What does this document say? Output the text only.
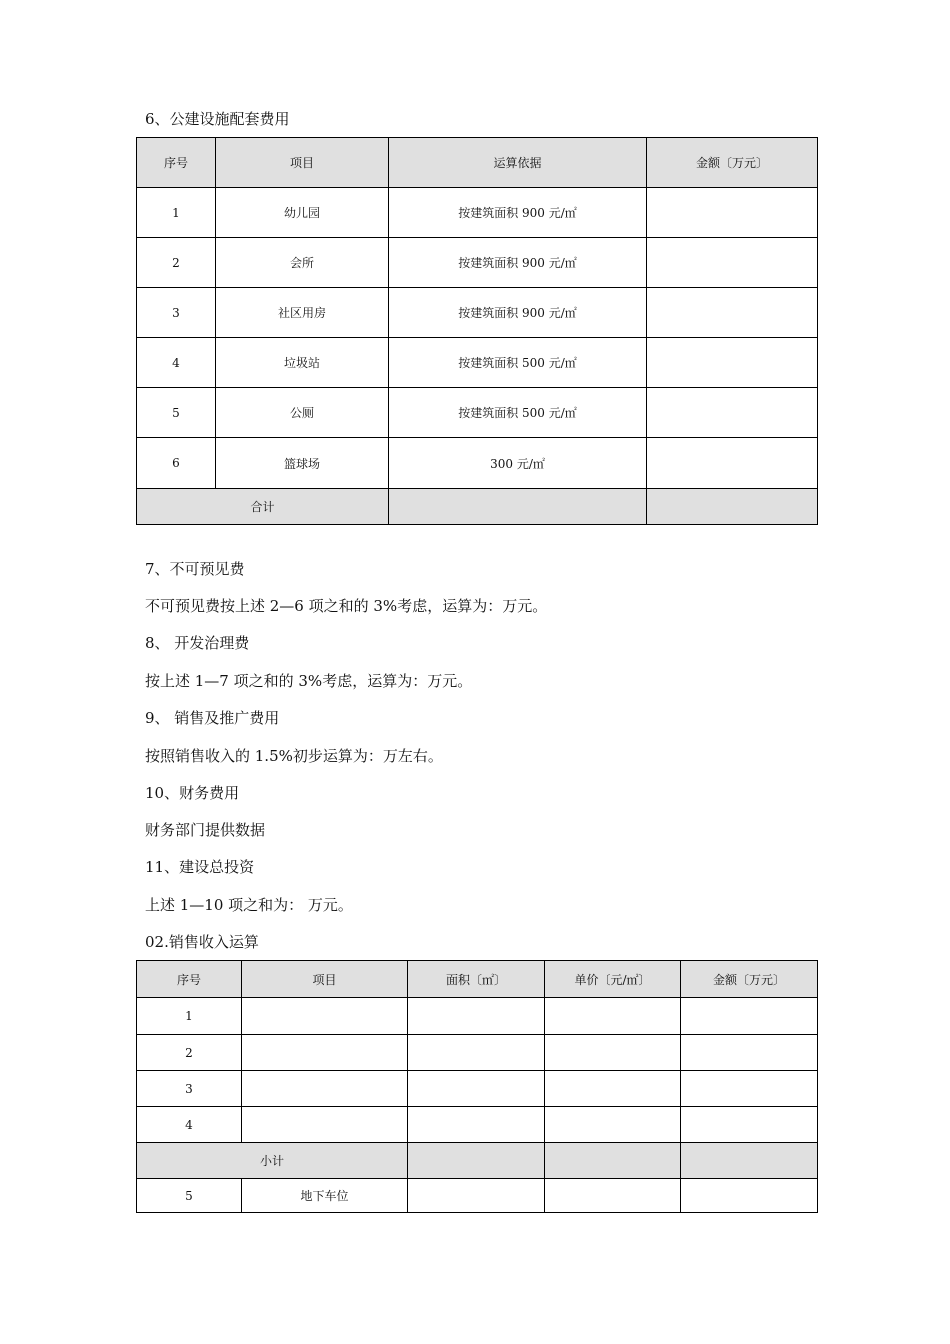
6、公建设施配套费用
序号	项目	运算依据	金额〔万元〕
1	幼儿园	按建筑面积 900 元/㎡	
2	会所	按建筑面积 900 元/㎡	
3	社区用房	按建筑面积 900 元/㎡	
4	垃圾站	按建筑面积 500 元/㎡	
5	公厕	按建筑面积 500 元/㎡	
6	篮球场	300 元/㎡	
合计			
7、不可预见费
不可预见费按上述 2—6 项之和的 3%考虑，运算为：万元。
8、 开发治理费
按上述 1—7 项之和的 3%考虑，运算为：万元。
9、 销售及推广费用
按照销售收入的 1.5%初步运算为：万左右。
10、财务费用
财务部门提供数据
11、建设总投资
上述 1—10 项之和为： 万元。
02.销售收入运算
序号	项目	面积〔㎡〕	单价〔元/㎡〕	金额〔万元〕
1				
2				
3				
4				
小计				
5	地下车位			
